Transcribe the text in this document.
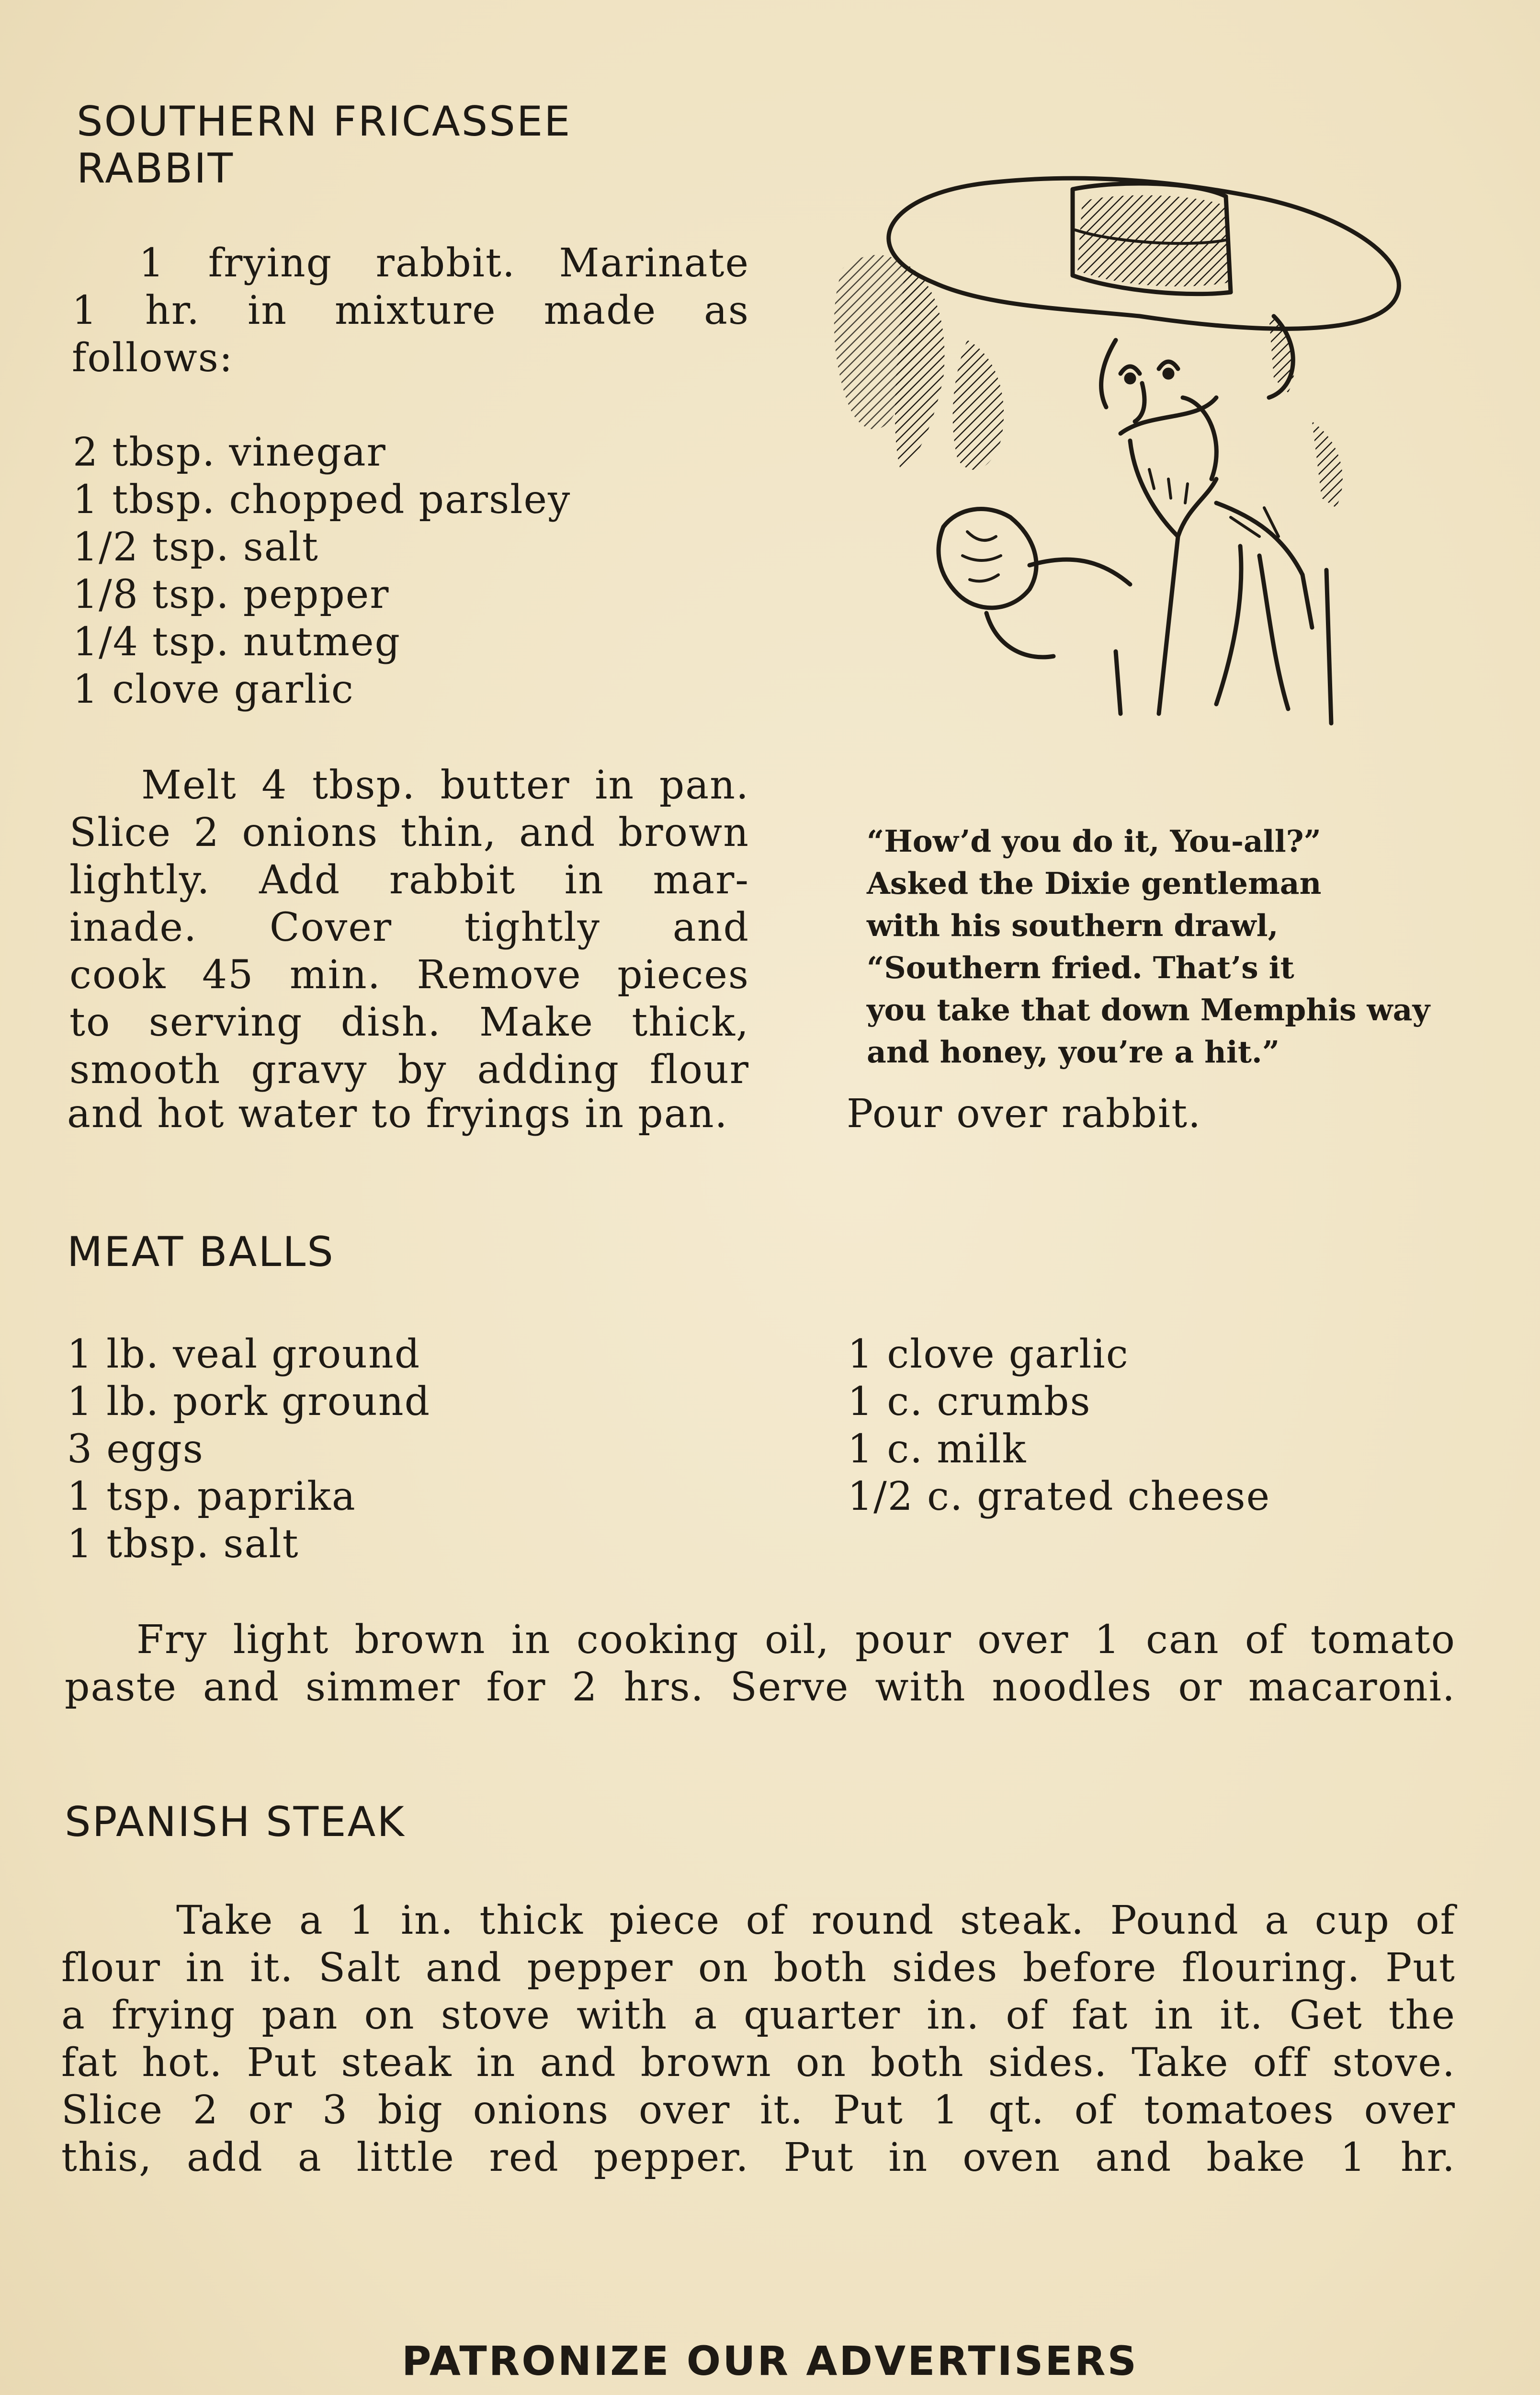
SOUTHERN FRICASSEE
RABBIT
1 frying rabbit. Marinate
1 hr. in mixture made as
follows:
2 tbsp. vinegar
1 tbsp. chopped parsley
1/2 tsp. salt
1/8 tsp. pepper
1/4 tsp. nutmeg
1 clove garlic
Melt 4 tbsp. butter in pan.
Slice 2 onions thin, and brown
lightly. Add rabbit in mar-
inade. Cover tightly and
cook 45 min. Remove pieces
to serving dish. Make thick,
smooth gravy by adding flour
and hot water to fryings in pan.	Pour over rabbit.
“How’d you do it, You-all?”
Asked the Dixie gentleman
with his southern drawl,
“Southern fried. That’s it
you take that down Memphis way
and honey, you’re a hit.”
MEAT BALLS
1 lb. veal ground
1 lb. pork ground
3 eggs
1 tsp. paprika
1 tbsp. salt
1 clove garlic
1 c. crumbs
1 c. milk
1/2 c. grated cheese
Fry light brown in cooking oil, pour over 1 can of tomato
paste and simmer for 2 hrs. Serve with noodles or macaroni.
SPANISH STEAK
Take a 1 in. thick piece of round steak. Pound a cup of
flour in it. Salt and pepper on both sides before flouring. Put
a frying pan on stove with a quarter in. of fat in it. Get the
fat hot. Put steak in and brown on both sides. Take off stove.
Slice 2 or 3 big onions over it. Put 1 qt. of tomatoes over
this, add a little red pepper. Put in oven and bake 1 hr.
PATRONIZE OUR ADVERTISERS
